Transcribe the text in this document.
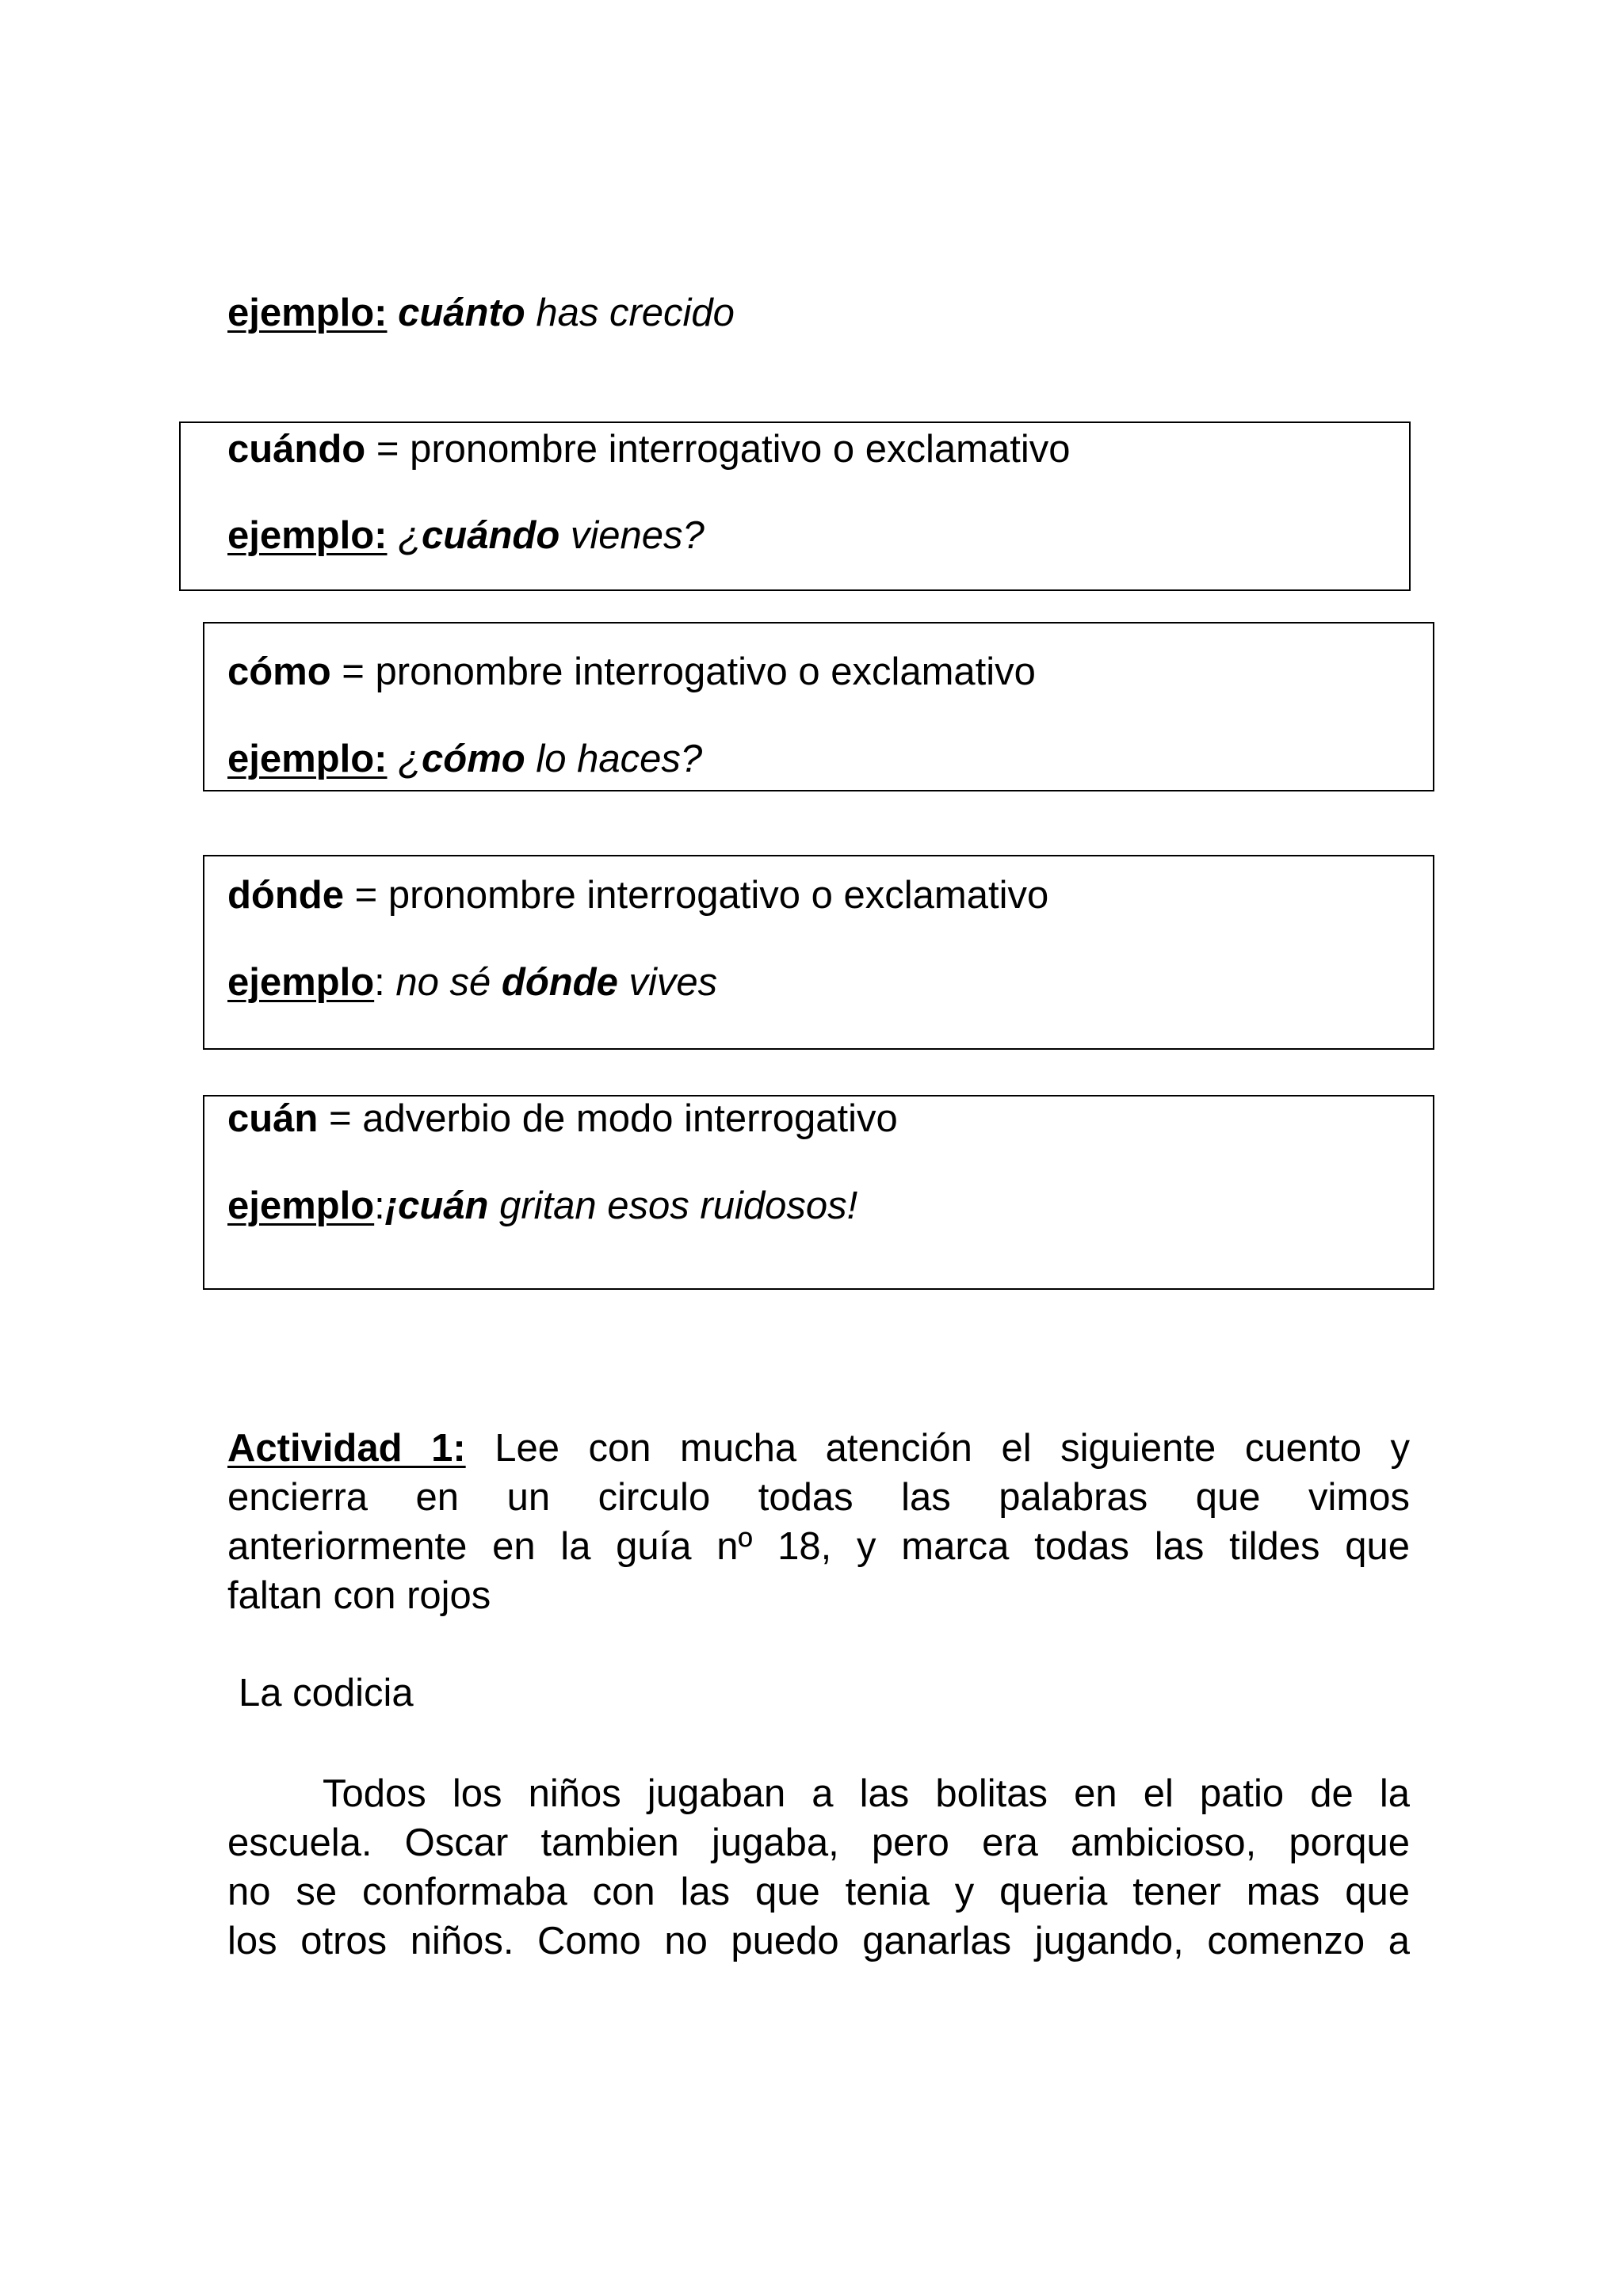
ejemplo: cuánto has crecido
cuándo = pronombre interrogativo o exclamativo
ejemplo: ¿cuándo vienes?
cómo = pronombre interrogativo o exclamativo
ejemplo: ¿cómo lo haces?
dónde = pronombre interrogativo o exclamativo
ejemplo: no sé dónde vives
cuán = adverbio de modo interrogativo
ejemplo:¡cuán gritan esos ruidosos!
Actividad 1: Lee con mucha atención el siguiente cuento y
encierra en un circulo todas las palabras que vimos
anteriormente en la guía nº 18, y marca todas las tildes que
faltan con rojos
La codicia
Todos los niños jugaban a las bolitas en el patio de la
escuela. Oscar tambien jugaba, pero era ambicioso, porque
no se conformaba con las que tenia y queria tener mas que
los otros niños. Como no puedo ganarlas jugando, comenzo a
